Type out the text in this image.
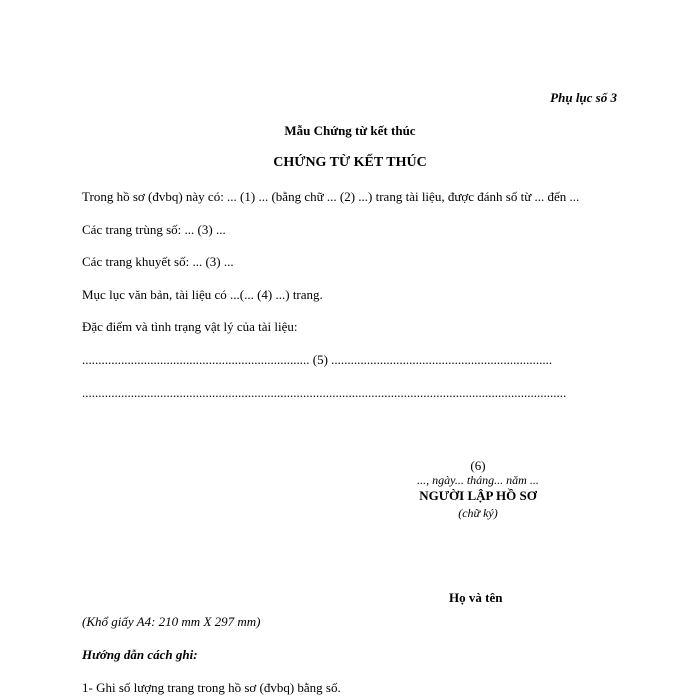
Phụ lục số 3
Mẫu Chứng từ kết thúc
CHỨNG TỪ KẾT THÚC
Trong hồ sơ (đvbq) này có: ... (1) ... (bằng chữ ... (2) ...) trang tài liệu, được đánh số từ ... đến ...
Các trang trùng số: ... (3) ...
Các trang khuyết số: ... (3) ...
Mục lục văn bản, tài liệu có ...(... (4) ...) trang.
Đặc điểm và tình trạng vật lý của tài liệu:
...................................................................... (5) ....................................................................
.....................................................................................................................................................
(6)
..., ngày... tháng... năm ...
NGƯỜI LẬP HỒ SƠ
(chữ ký)
Họ và tên
(Khổ giấy A4: 210 mm X 297 mm)
Hướng dẫn cách ghi:
1- Ghi số lượng trang trong hồ sơ (đvbq) bằng số.
